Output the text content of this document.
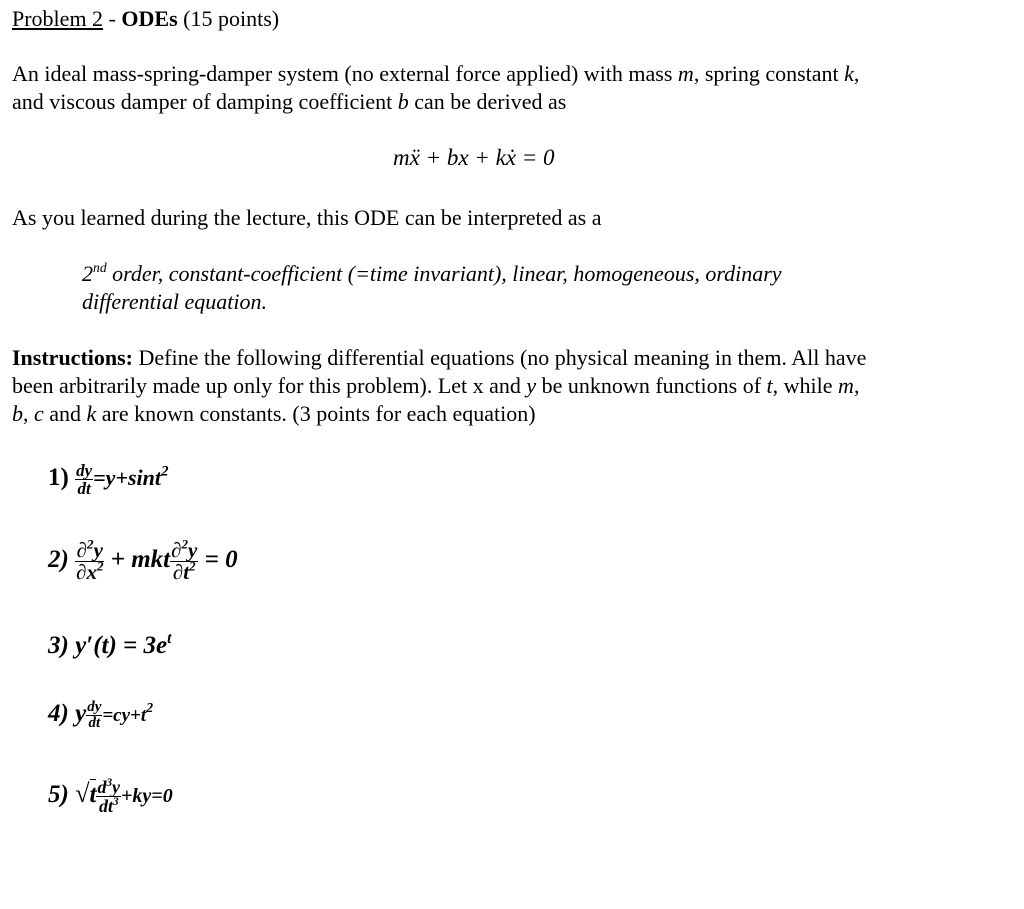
Problem 2 - ODEs (15 points)
An ideal mass-spring-damper system (no external force applied) with mass m, spring constant k,
and viscous damper of damping coefficient b can be derived as
mẍ + bx + kẋ = 0
As you learned during the lecture, this ODE can be interpreted as a
2nd order, constant-coefficient (=time invariant), linear, homogeneous, ordinary
differential equation.
Instructions: Define the following differential equations (no physical meaning in them. All have
been arbitrarily made up only for this problem). Let x and y be unknown functions of t, while m,
b, c and k are known constants. (3 points for each equation)
$1) \frac{dy}{dt} =y+\sin t^2$
$2) \frac{\partial^2y}{\partial x^2}$ + mkt $\frac{\partial^2y}{\partial t^2} = 0$
3) $y'(t) = 3e^t$
4) y $\frac{dy}{dt} =cy+t^2$
5) $√t \frac{d^3y}{dt^3} +ky=0$
